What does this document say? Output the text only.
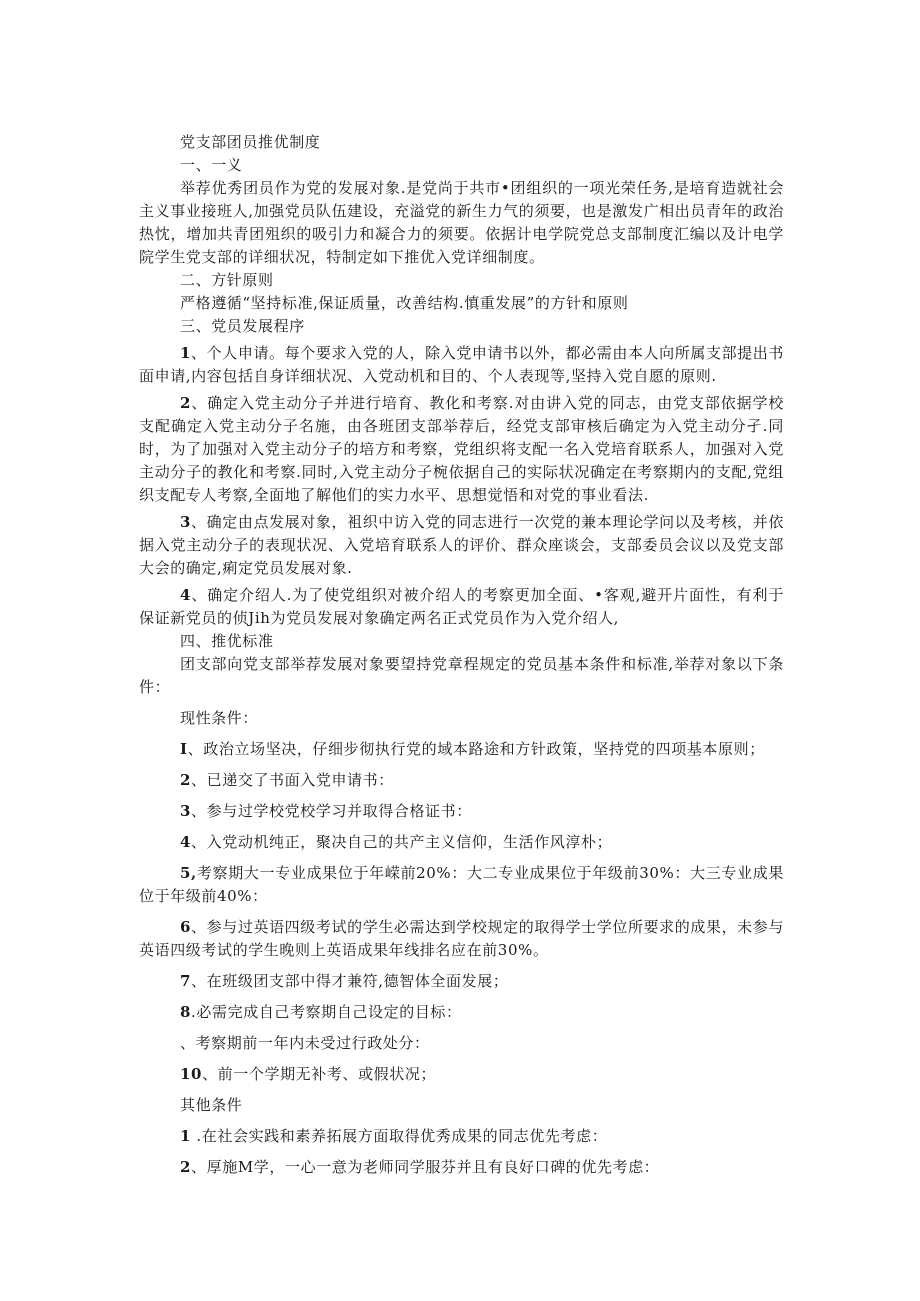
党支部团员推优制度

一、一义

举荐优秀团员作为党的发展对象.是党尚于共市•团组织的一项光荣任务,是培育造就社会主义事业接班人,加强党员队伍建设，充溢党的新生力气的须要，也是激发广相出员青年的政治热忱，增加共青团殂织的吸引力和凝合力的须要。依据计电学院党总支部制度汇编以及计电学院学生党支部的详细状况，特制定如下推优入党详细制度。

二、方针原则

严格遵循“坚持标准,保证质量，改善结构.慎重发展”的方针和原则

三、党员发展程序

1、个人申请。每个要求入党的人，除入党申请书以外，都必需由本人向所属支部提出书面申请,内容包括自身详细状况、入党动机和目的、个人表现等,坚持入党自愿的原则.

2、确定入党主动分子并进行培育、教化和考察.对由讲入党的同志，由党支部依据学校支配确定入党主动分子名施，由各班团支部举荐后，经党支部审核后确定为入党主动分孑.同时，为了加强对入党主动分子的培方和考察，党组织将支配一名入党培育联系人，加强对入党主动分子的教化和考察.同时,入党主动分子椀依据自己的实际状况确定在考察期内的支配,党组织支配专人考察,全面地了解他们的实力水平、思想觉悟和对党的事业看法.

3、确定由点发展对象，袓织中访入党的同志进行一次党的兼本理论学问以及考核，并依据入党主动分子的表现状况、入党培育联系人的评价、群众座谈会，支部委员会议以及党支部大会的确定,痢定党员发展对象.

4、确定介绍人.为了使党组织对被介绍人的考察更加全面、•客观,避开片面性，有利于保证新党员的侦Jih为党员发展对象确定两名正式党员作为入党介绍人,

四、推优标准

团支部向党支部举荐发展对象要望持党章程规定的党员基本条件和标准,举荐对象以下条件：

现性条件：

I、政治立场坚决，仔细步彻执行党的域本路途和方针政策，坚持党的四项基本原则；

2、已递交了书面入党申请书：

3、参与过学校党校学习并取得合格证书：

4、入党动机纯正，聚决自己的共产主义信仰，生活作风淳朴；

5,考察期大一专业成果位于年嵘前20%：大二专业成果位于年级前30%：大三专业成果位于年级前40%：

6、参与过英语四级考试的学生必需达到学校规定的取得学士学位所要求的成果，未参与英语四级考试的学生晚则上英语成果年线排名应在前30%。

7、在班级团支部中得才兼符,德智体全面发展；

8.必需完成自己考察期自己设定的目标：

、考察期前一年内未受过行政处分：

10、前一个学期无补考、或假状况；

其他条件

1 .在社会实践和素养拓展方面取得优秀成果的同志优先考虑：

2、厚施M学，一心一意为老师同学服芬并且有良好口碑的优先考虑：
